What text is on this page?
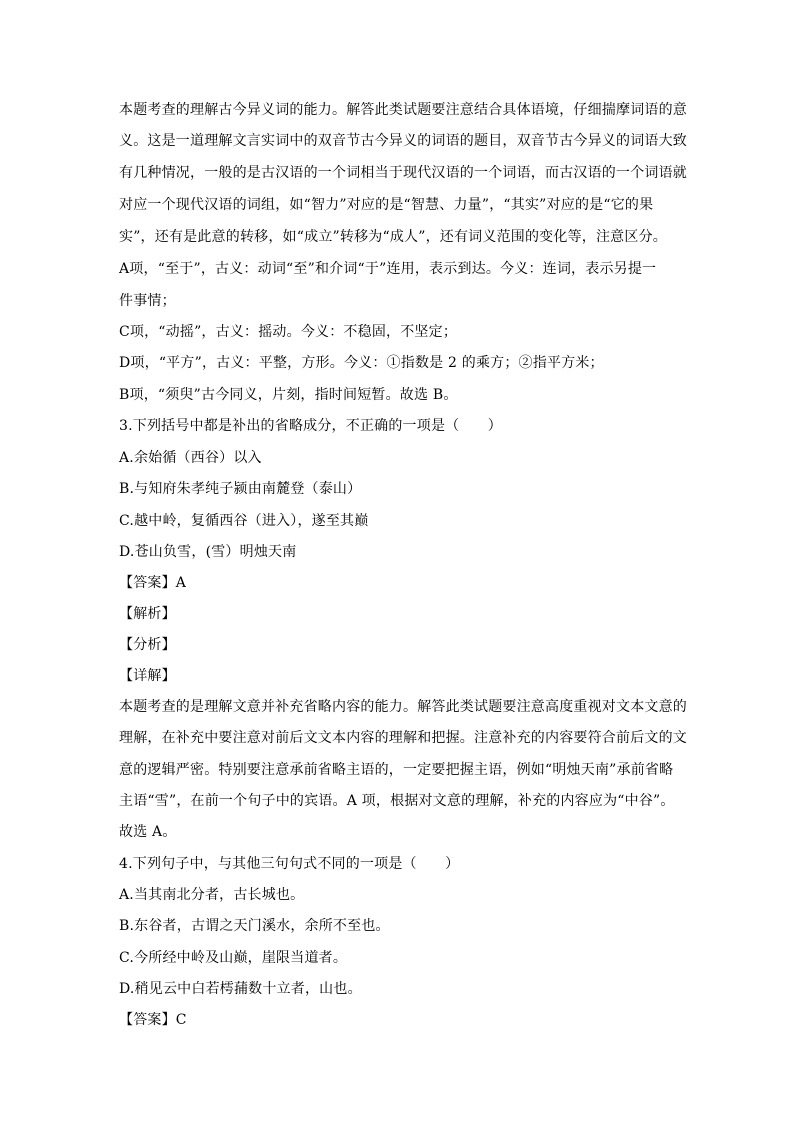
本题考查的理解古今异义词的能力。解答此类试题要注意结合具体语境，仔细揣摩词语的意
义。这是一道理解文言实词中的双音节古今异义的词语的题目，双音节古今异义的词语大致
有几种情况，一般的是古汉语的一个词相当于现代汉语的一个词语，而古汉语的一个词语就
对应一个现代汉语的词组，如“智力”对应的是“智慧、力量”，“其实”对应的是“它的果
实”，还有是此意的转移，如“成立”转移为“成人”，还有词义范围的变化等，注意区分。
A项，“至于”，古义：动词“至”和介词“于”连用，表示到达。今义：连词，表示另提一
件事情；
C项，“动摇”，古义：摇动。今义：不稳固，不坚定；
D项，“平方”，古义：平整，方形。今义：①指数是 2 的乘方；②指平方米；
B项，“须臾”古今同义，片刻，指时间短暂。故选 B。
3.下列括号中都是补出的省略成分，不正确的一项是（　　）
A.余始循（西谷）以入
B.与知府朱孝纯子颍由南麓登（泰山）
C.越中岭，复循西谷（进入），遂至其巅
D.苍山负雪，(雪）明烛天南
【答案】A
【解析】
【分析】
【详解】
本题考查的是理解文意并补充省略内容的能力。解答此类试题要注意高度重视对文本文意的
理解，在补充中要注意对前后文文本内容的理解和把握。注意补充的内容要符合前后文的文
意的逻辑严密。特别要注意承前省略主语的，一定要把握主语，例如“明烛天南”承前省略
主语“雪”，在前一个句子中的宾语。A 项，根据对文意的理解，补充的内容应为“中谷”。
故选 A。
4.下列句子中，与其他三句句式不同的一项是（　　）
A.当其南北分者，古长城也。
B.东谷者，古谓之天门溪水，余所不至也。
C.今所经中岭及山巅，崖限当道者。
D.稍见云中白若樗蒱数十立者，山也。
【答案】C
